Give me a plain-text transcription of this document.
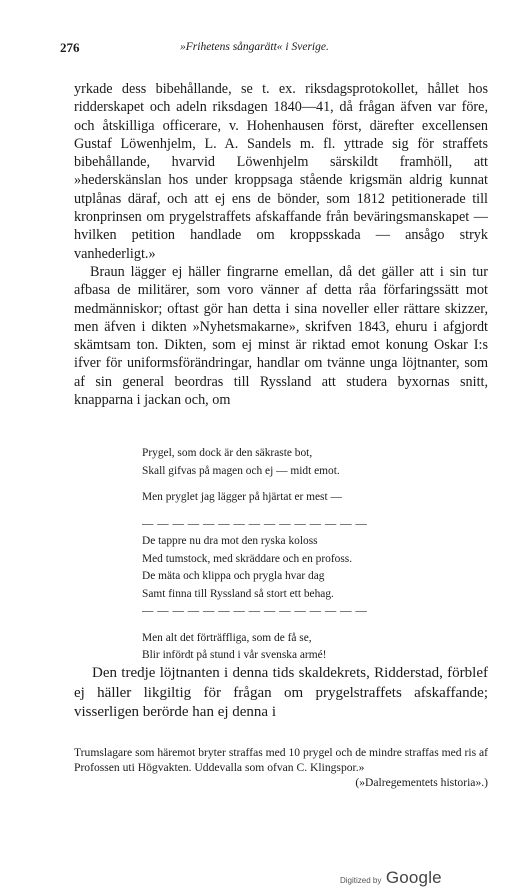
276	»Frihetens sångarätt« i Sverige.

yrkade dess bibehållande, se t. ex. riksdagsprotokollet, hållet hos ridderskapet och adeln riksdagen 1840—41, då frågan äfven var före, och åtskilliga officerare, v. Hohenhausen först, därefter excellensen Gustaf Löwenhjelm, L. A. Sandels m. fl. yttrade sig för straffets bibehållande, hvarvid Löwenhjelm särskildt framhöll, att »hederskänslan hos under kroppsaga stående krigsmän aldrig kunnat utplånas däraf, och att ej ens de bönder, som 1812 petitionerade till kronprinsen om prygelstraffets afskaffande från beväringsmanskapet — hvilken petition handlade om kroppsskada — ansågo stryk vanhederligt.»

Braun lägger ej häller fingrarne emellan, då det gäller att i sin tur afbasa de militärer, som voro vänner af detta råa förfaringssätt mot medmänniskor; oftast gör han detta i sina noveller eller rättare skizzer, men äfven i dikten »Nyhetsmakarne», skrifven 1843, ehuru i afgjordt skämtsam ton. Dikten, som ej minst är riktad emot konung Oskar I:s ifver för uniformsförändringar, handlar om tvänne unga löjtnanter, som af sin general beordras till Ryssland att studera byxornas snitt, knapparna i jackan och, om

Prygel, som dock är den säkraste bot,
Skall gifvas på magen och ej — midt emot.
Men pryglet jag lägger på hjärtat er mest —
— — — — — — — — — — — — — — —
De tappre nu dra mot den ryska koloss
Med tumstock, med skräddare och en profoss.
De mäta och klippa och prygla hvar dag
Samt finna till Ryssland så stort ett behag.
— — — — — — — — — — — — — — —
Men alt det förträffliga, som de få se,
Blir infördt på stund i vår svenska armé!

Den tredje löjtnanten i denna tids skaldekrets, Ridderstad, förblef ej häller likgiltig för frågan om prygelstraffets afskaffande; visserligen berörde han ej denna i

Trumslagare som häremot bryter straffas med 10 prygel och de mindre straffas med ris af Profossen uti Högvakten. Uddevalla som ofvan C. Klingspor.»
(»Dalregementets historia».)
Digitized by Google
